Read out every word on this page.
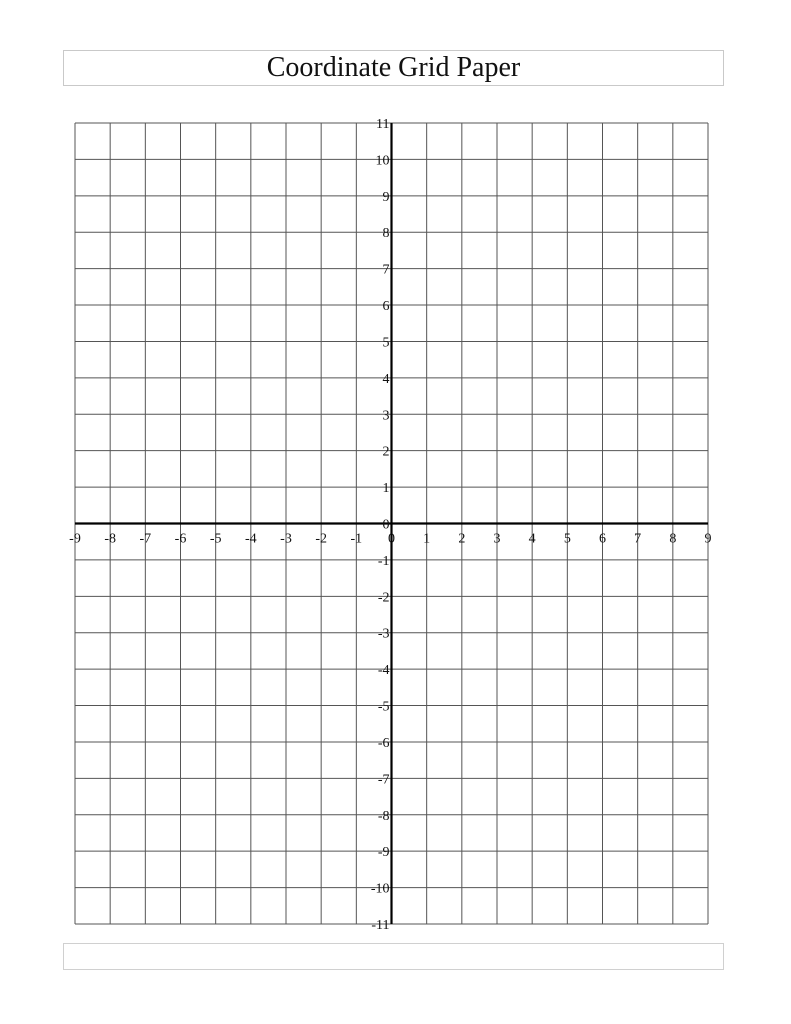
Coordinate Grid Paper
-9 -8 -7 -6 -5 -4 -3 -2 -1 0 1 2 3 4 5 6 7 8 9
11
10
9
8
7
6
5
4
3
2
1
0
-1
-2
-3
-4
-5
-6
-7
-8
-9
-10
-11
